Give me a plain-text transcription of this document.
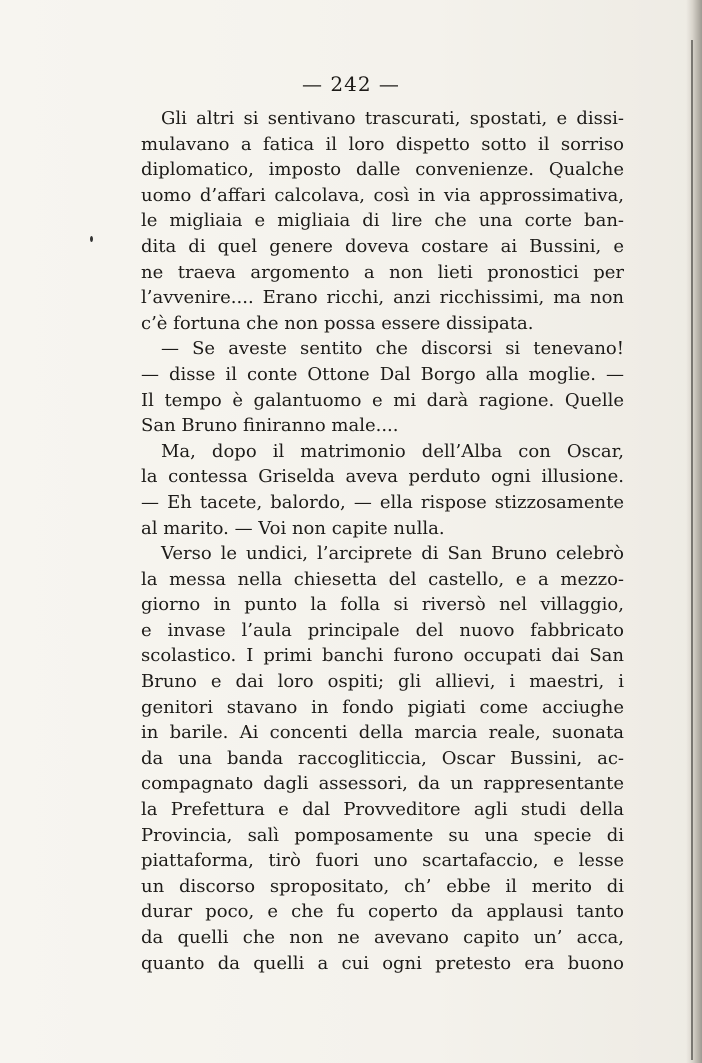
— 242 —
Gli altri si sentivano trascurati, spostati, e dissi-
mulavano a fatica il loro dispetto sotto il sorriso
diplomatico, imposto dalle convenienze. Qualche
uomo d’affari calcolava, così in via approssimativa,
le migliaia e migliaia di lire che una corte ban-
dita di quel genere doveva costare ai Bussini, e
ne traeva argomento a non lieti pronostici per
l’avvenire.... Erano ricchi, anzi ricchissimi, ma non
c’è fortuna che non possa essere dissipata.
— Se aveste sentito che discorsi si tenevano!
— disse il conte Ottone Dal Borgo alla moglie. —
Il tempo è galantuomo e mi darà ragione. Quelle
San Bruno finiranno male....
Ma, dopo il matrimonio dell’Alba con Oscar,
la contessa Griselda aveva perduto ogni illusione.
— Eh tacete, balordo, — ella rispose stizzosamente
al marito. — Voi non capite nulla.
Verso le undici, l’arciprete di San Bruno celebrò
la messa nella chiesetta del castello, e a mezzo-
giorno in punto la folla si riversò nel villaggio,
e invase l’aula principale del nuovo fabbricato
scolastico. I primi banchi furono occupati dai San
Bruno e dai loro ospiti; gli allievi, i maestri, i
genitori stavano in fondo pigiati come acciughe
in barile. Ai concenti della marcia reale, suonata
da una banda raccogliticcia, Oscar Bussini, ac-
compagnato dagli assessori, da un rappresentante
la Prefettura e dal Provveditore agli studi della
Provincia, salì pomposamente su una specie di
piattaforma, tirò fuori uno scartafaccio, e lesse
un discorso spropositato, ch’ ebbe il merito di
durar poco, e che fu coperto da applausi tanto
da quelli che non ne avevano capito un’ acca,
quanto da quelli a cui ogni pretesto era buono
